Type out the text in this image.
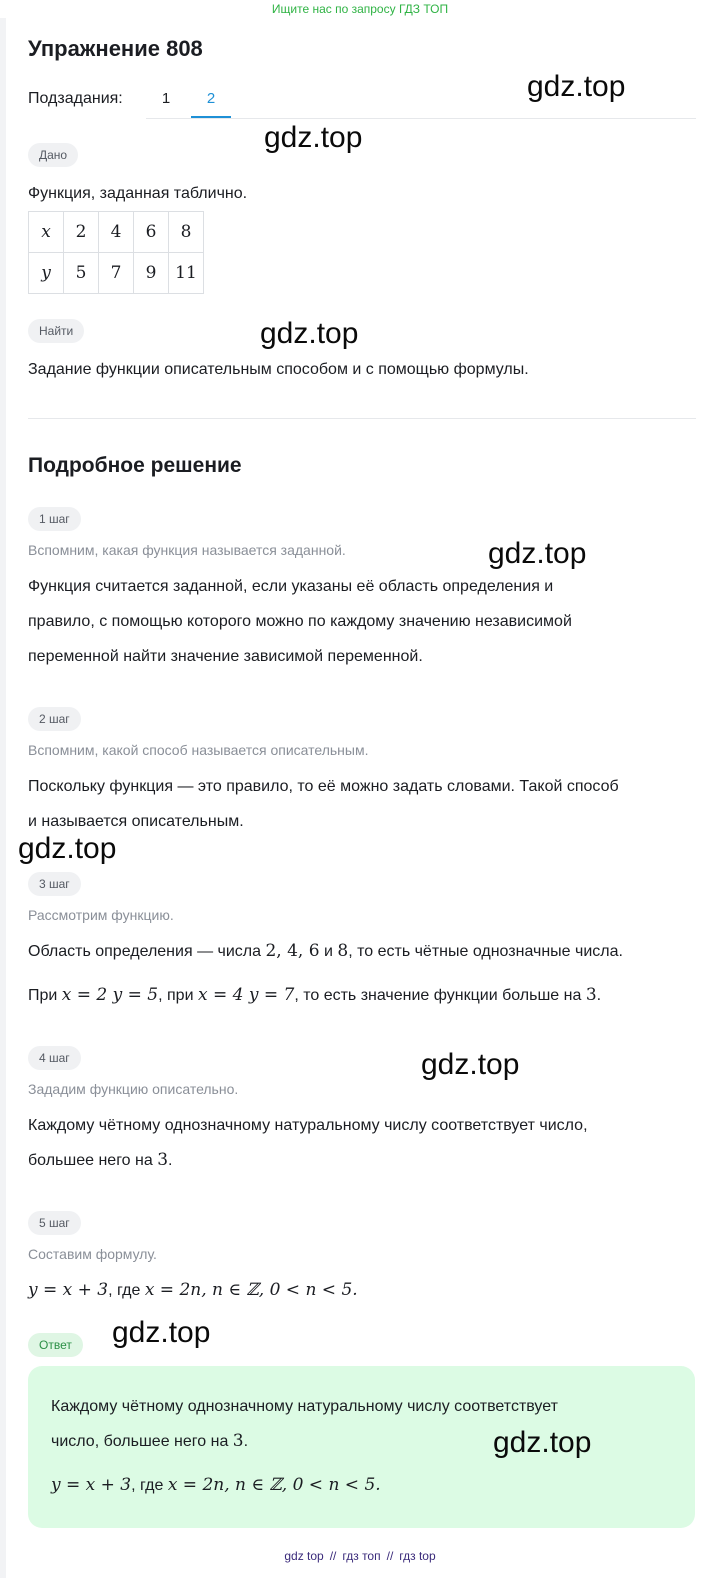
Ищите нас по запросу ГДЗ ТОП
Упражнение 808
Подзадания:	1	2
Дано
Функция, заданная таблично.
x	2	4	6	8
y	5	7	9	11
Найти
Задание функции описательным способом и с помощью формулы.
Подробное решение
1 шаг
Вспомним, какая функция называется заданной.
Функция считается заданной, если указаны её область определения и
правило, с помощью которого можно по каждому значению независимой
переменной найти значение зависимой переменной.
2 шаг
Вспомним, какой способ называется описательным.
Поскольку функция — это правило, то её можно задать словами. Такой способ
и называется описательным.
3 шаг
Рассмотрим функцию.
Область определения — числа 2, 4, 6 и 8, то есть чётные однозначные числа.
При x = 2 y = 5, при x = 4 y = 7, то есть значение функции больше на 3.
4 шаг
Зададим функцию описательно.
Каждому чётному однозначному натуральному числу соответствует число,
большее него на 3.
5 шаг
Составим формулу.
y = x + 3, где x = 2n, n ∈ ℤ, 0 < n < 5.
Ответ
Каждому чётному однозначному натуральному числу соответствует
число, большее него на 3.
y = x + 3, где x = 2n, n ∈ ℤ, 0 < n < 5.
gdz.top
gdz.top
gdz.top
gdz.top
gdz.top
gdz.top
gdz.top
gdz.top
gdz top // гдз топ // гдз top
